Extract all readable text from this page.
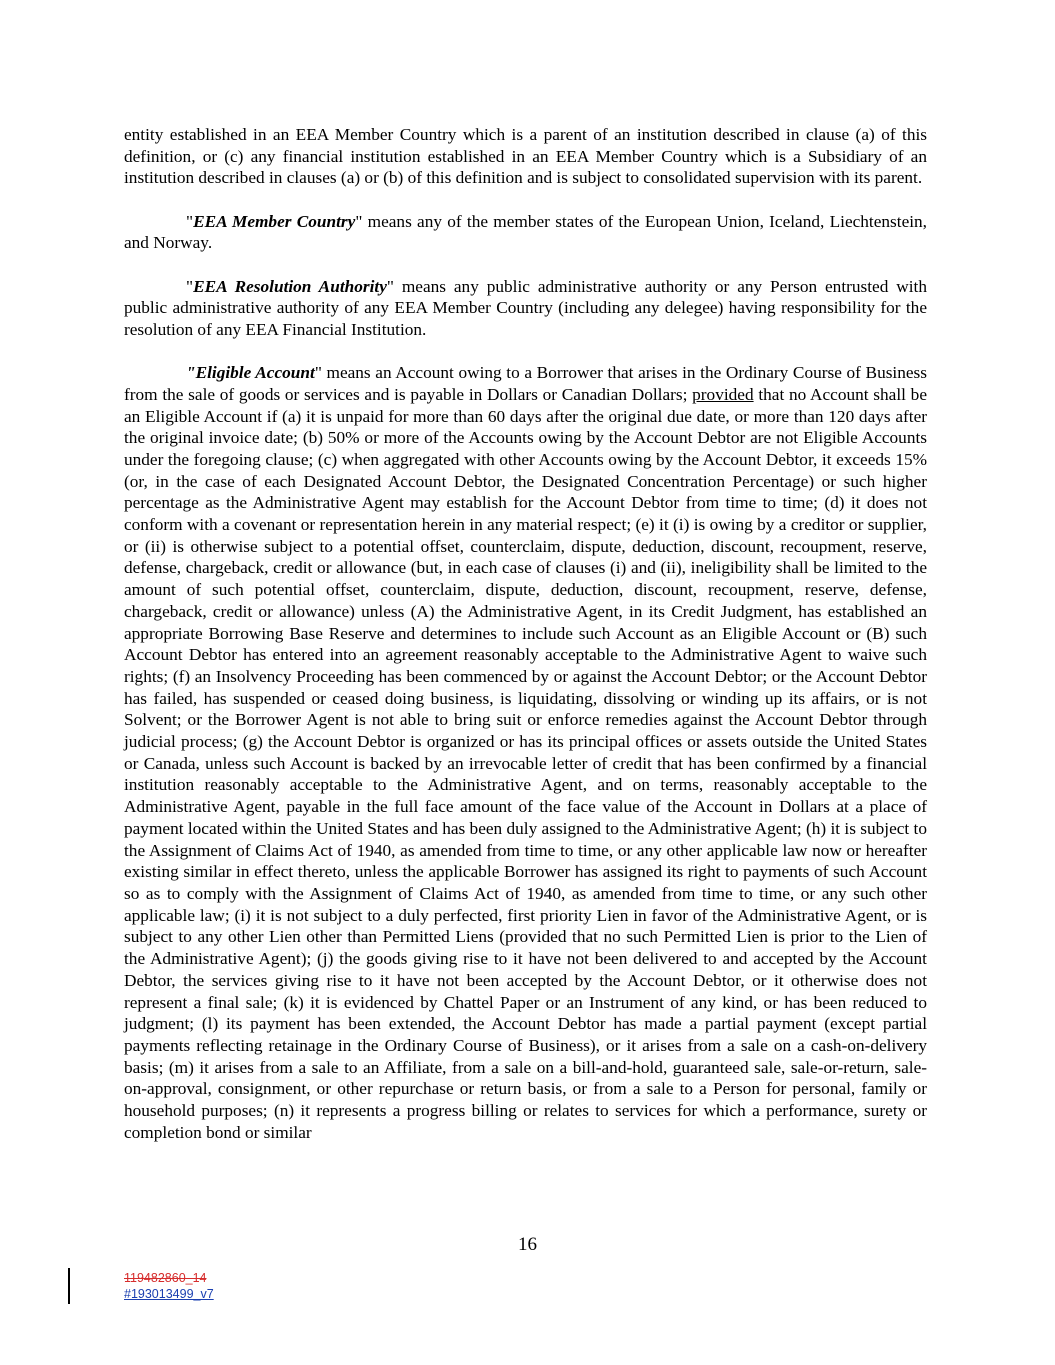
entity established in an EEA Member Country which is a parent of an institution described in clause (a) of this definition, or (c) any financial institution established in an EEA Member Country which is a Subsidiary of an institution described in clauses (a) or (b) of this definition and is subject to consolidated supervision with its parent.

"EEA Member Country" means any of the member states of the European Union, Iceland, Liechtenstein, and Norway.

"EEA Resolution Authority" means any public administrative authority or any Person entrusted with public administrative authority of any EEA Member Country (including any delegee) having responsibility for the resolution of any EEA Financial Institution.

"Eligible Account" means an Account owing to a Borrower that arises in the Ordinary Course of Business from the sale of goods or services and is payable in Dollars or Canadian Dollars; provided that no Account shall be an Eligible Account if (a) it is unpaid for more than 60 days after the original due date, or more than 120 days after the original invoice date; (b) 50% or more of the Accounts owing by the Account Debtor are not Eligible Accounts under the foregoing clause; (c) when aggregated with other Accounts owing by the Account Debtor, it exceeds 15% (or, in the case of each Designated Account Debtor, the Designated Concentration Percentage) or such higher percentage as the Administrative Agent may establish for the Account Debtor from time to time; (d) it does not conform with a covenant or representation herein in any material respect; (e) it (i) is owing by a creditor or supplier, or (ii) is otherwise subject to a potential offset, counterclaim, dispute, deduction, discount, recoupment, reserve, defense, chargeback, credit or allowance (but, in each case of clauses (i) and (ii), ineligibility shall be limited to the amount of such potential offset, counterclaim, dispute, deduction, discount, recoupment, reserve, defense, chargeback, credit or allowance) unless (A) the Administrative Agent, in its Credit Judgment, has established an appropriate Borrowing Base Reserve and determines to include such Account as an Eligible Account or (B) such Account Debtor has entered into an agreement reasonably acceptable to the Administrative Agent to waive such rights; (f) an Insolvency Proceeding has been commenced by or against the Account Debtor; or the Account Debtor has failed, has suspended or ceased doing business, is liquidating, dissolving or winding up its affairs, or is not Solvent; or the Borrower Agent is not able to bring suit or enforce remedies against the Account Debtor through judicial process; (g) the Account Debtor is organized or has its principal offices or assets outside the United States or Canada, unless such Account is backed by an irrevocable letter of credit that has been confirmed by a financial institution reasonably acceptable to the Administrative Agent, and on terms, reasonably acceptable to the Administrative Agent, payable in the full face amount of the face value of the Account in Dollars at a place of payment located within the United States and has been duly assigned to the Administrative Agent; (h) it is subject to the Assignment of Claims Act of 1940, as amended from time to time, or any other applicable law now or hereafter existing similar in effect thereto, unless the applicable Borrower has assigned its right to payments of such Account so as to comply with the Assignment of Claims Act of 1940, as amended from time to time, or any such other applicable law; (i) it is not subject to a duly perfected, first priority Lien in favor of the Administrative Agent, or is subject to any other Lien other than Permitted Liens (provided that no such Permitted Lien is prior to the Lien of the Administrative Agent); (j) the goods giving rise to it have not been delivered to and accepted by the Account Debtor, the services giving rise to it have not been accepted by the Account Debtor, or it otherwise does not represent a final sale; (k) it is evidenced by Chattel Paper or an Instrument of any kind, or has been reduced to judgment; (l) its payment has been extended, the Account Debtor has made a partial payment (except partial payments reflecting retainage in the Ordinary Course of Business), or it arises from a sale on a cash-on-delivery basis; (m) it arises from a sale to an Affiliate, from a sale on a bill-and-hold, guaranteed sale, sale-or-return, sale-on-approval, consignment, or other repurchase or return basis, or from a sale to a Person for personal, family or household purposes; (n) it represents a progress billing or relates to services for which a performance, surety or completion bond or similar

16
119482860_14
#193013499_v7
